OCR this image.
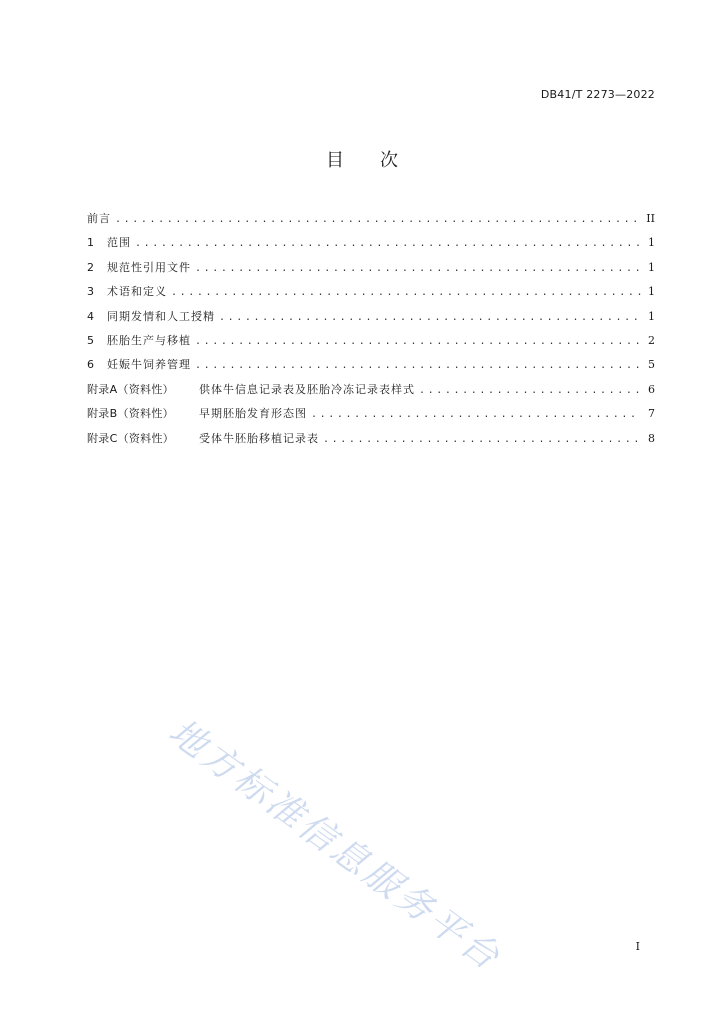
DB41/T 2273—2022
目次
前言 .....	II
1	范围 .....	1
2	规范性引用文件 .....	1
3	术语和定义 .....	1
4	同期发情和人工授精 .....	1
5	胚胎生产与移植 .....	2
6	妊娠牛饲养管理 .....	5
附录A（资料性）	供体牛信息记录表及胚胎冷冻记录表样式 .....	6
附录B（资料性）	早期胚胎发育形态图 .....	7
附录C（资料性）	受体牛胚胎移植记录表 .....	8
地方标准信息服务平台	I
